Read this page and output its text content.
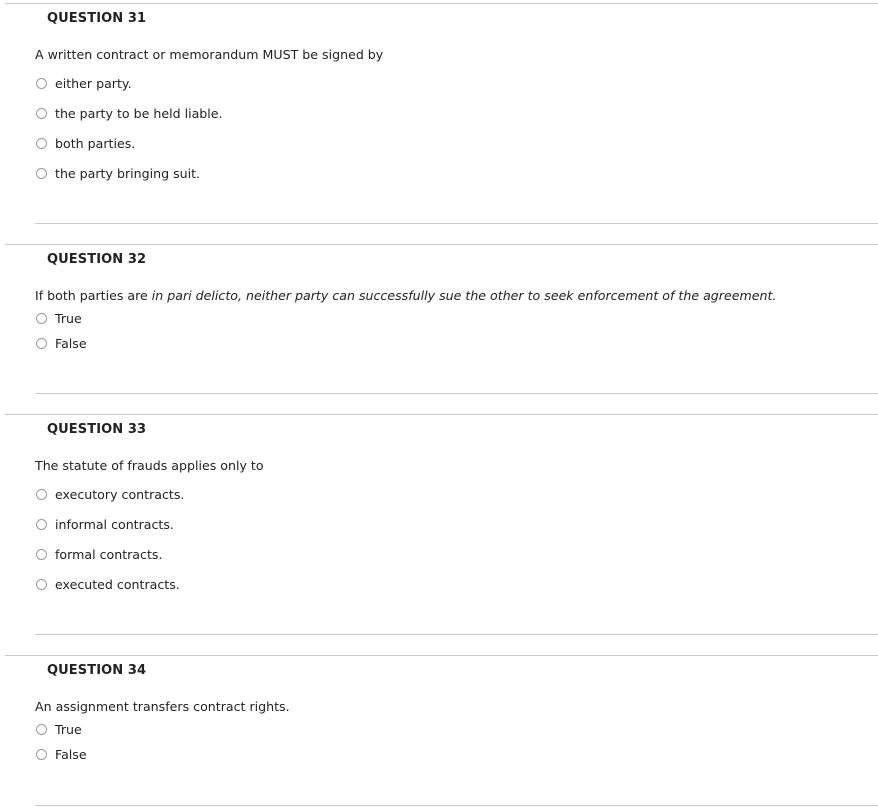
QUESTION 31
A written contract or memorandum MUST be signed by
either party.
the party to be held liable.
both parties.
the party bringing suit.
QUESTION 32
If both parties are in pari delicto, neither party can successfully sue the other to seek enforcement of the agreement.
True
False
QUESTION 33
The statute of frauds applies only to
executory contracts.
informal contracts.
formal contracts.
executed contracts.
QUESTION 34
An assignment transfers contract rights.
True
False
